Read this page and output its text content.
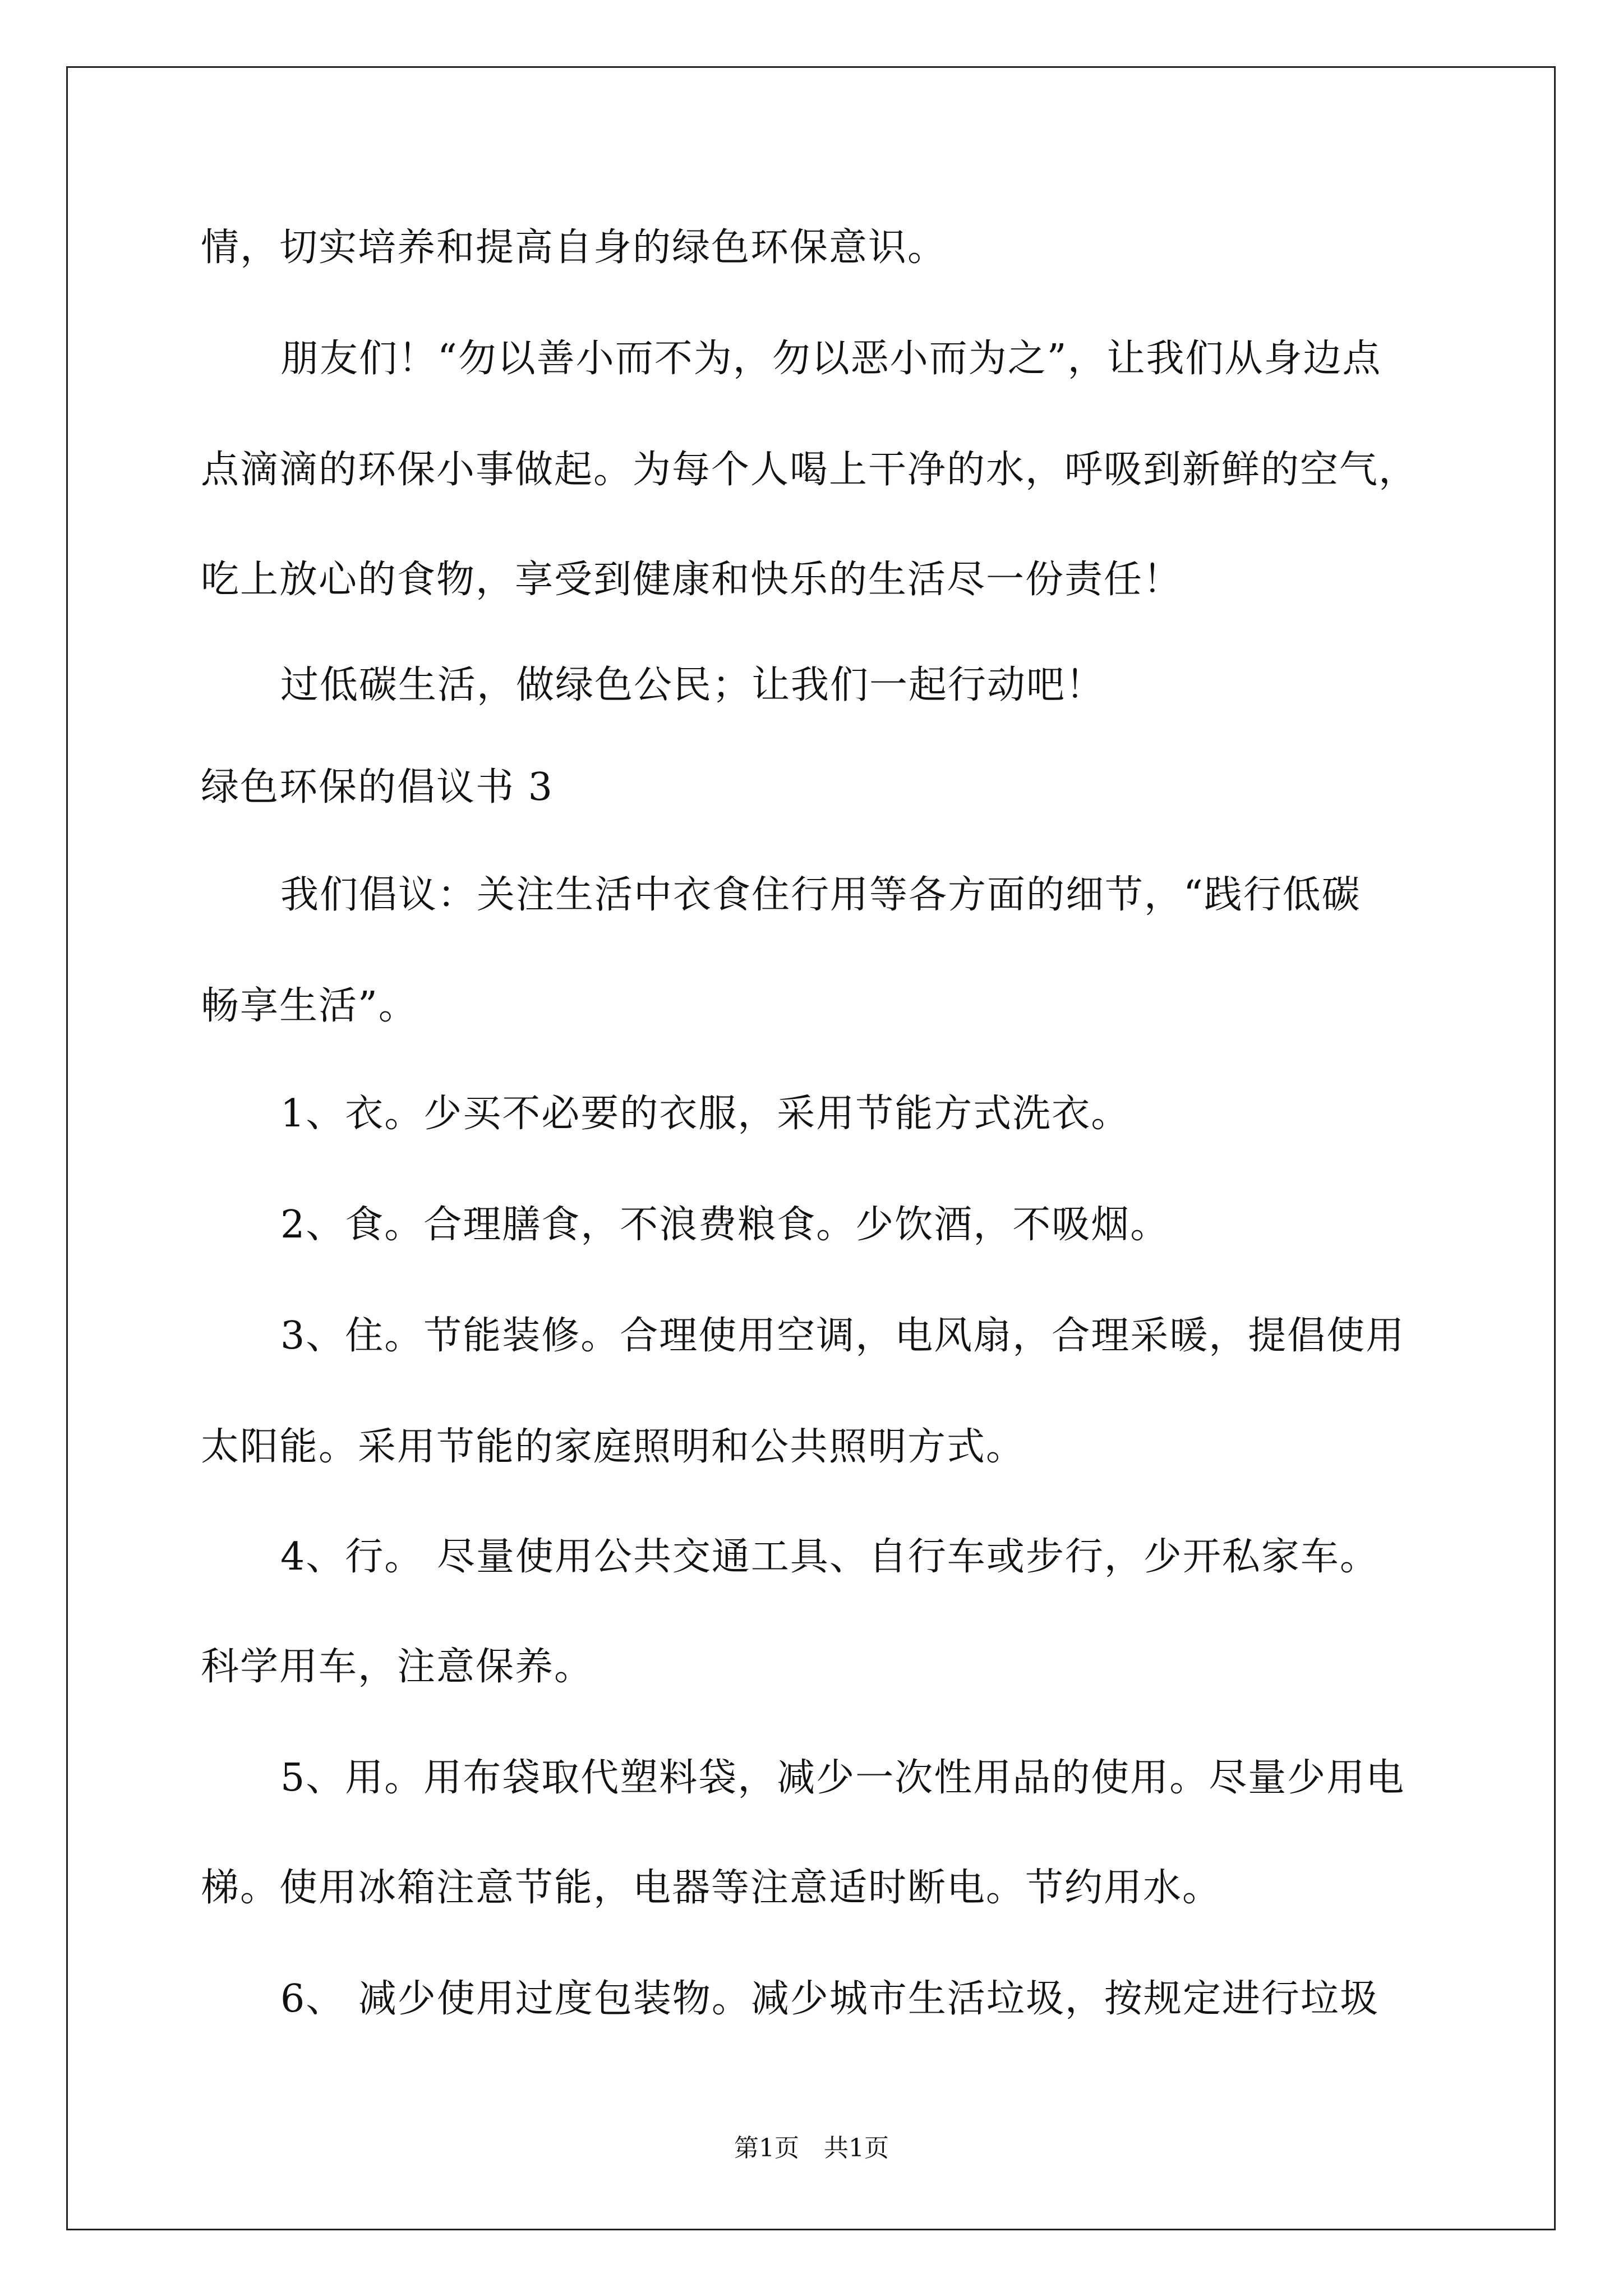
情，切实培养和提高自身的绿色环保意识。
朋友们！“勿以善小而不为，勿以恶小而为之”，让我们从身边点
点滴滴的环保小事做起。为每个人喝上干净的水，呼吸到新鲜的空气，
吃上放心的食物，享受到健康和快乐的生活尽一份责任！
过低碳生活，做绿色公民；让我们一起行动吧！
绿色环保的倡议书 3
我们倡议：关注生活中衣食住行用等各方面的细节，“践行低碳
畅享生活”。
1、衣。少买不必要的衣服，采用节能方式洗衣。
2、食。合理膳食，不浪费粮食。少饮酒，不吸烟。
3、住。节能装修。合理使用空调，电风扇，合理采暖，提倡使用
太阳能。采用节能的家庭照明和公共照明方式。
4、行。 尽量使用公共交通工具、自行车或步行，少开私家车。
科学用车，注意保养。
5、用。用布袋取代塑料袋，减少一次性用品的使用。尽量少用电
梯。使用冰箱注意节能，电器等注意适时断电。节约用水。
6、 减少使用过度包装物。减少城市生活垃圾，按规定进行垃圾
第1页　共1页
